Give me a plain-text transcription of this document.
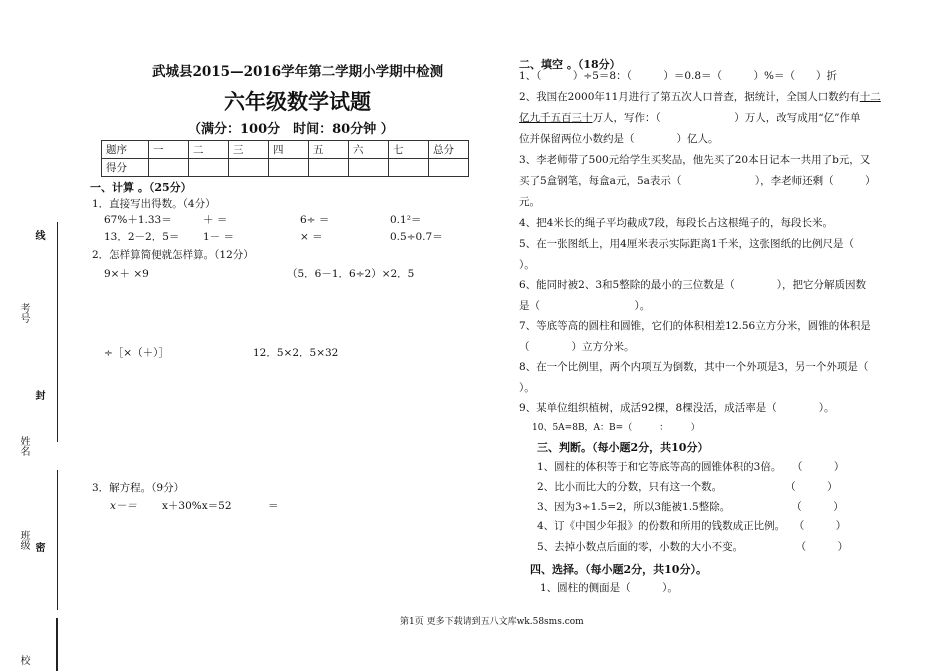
线
考号
封
姓名
班级 密
校
武城县2015—2016学年第二学期小学期中检测
六年级数学试题
（满分：100分　时间：80分钟 ）
题序	一	二	三	四	五	六	七	总分
得分								
一、计算 。（25分）
1．直接写出得数。（4分）
67%＋1.33＝	＋ ＝	6÷ ＝	0.1²＝
13．2－2．5＝ 1－ ＝	× ＝	0.5÷0.7＝
2．怎样算简便就怎样算。（12分）
9×＋ ×9	（5．6－1．6÷2）×2．5
÷［×（＋）］	12．5×2．5×32
3．解方程。（9分）
x－＝ x＋30%x＝52	＝
二、填空 。（18分）
1、（　　　）÷5＝8：（　　　）＝0.8＝（　　　）%＝（　　）折
2、我国在2000年11月进行了第五次人口普查，据统计，全国人口数约有十二
亿九千五百三十万人，写作：（　　　　　　　）万人，改写成用“亿”作单
位并保留两位小数约是（　　　　）亿人。
3、李老师带了500元给学生买奖品，他先买了20本日记本一共用了b元，又
买了5盒钢笔，每盒a元，5a表示（　　　　　　　），李老师还剩（　　　）
元。
4、把4米长的绳子平均截成7段，每段长占这根绳子的，每段长米。
5、在一张图纸上，用4厘米表示实际距离1千米，这张图纸的比例尺是（
）。
6、能同时被2、3和5整除的最小的三位数是（　　　　），把它分解质因数
是（　　　　　　　　　）。
7、等底等高的圆柱和圆锥，它们的体积相差12.56立方分米，圆锥的体积是
（　　　　）立方分米。
8、在一个比例里，两个内项互为倒数，其中一个外项是3，另一个外项是（
）。
9、某单位组织植树，成活92棵，8棵没活，成活率是（　　　　）。
10、5A=8B，A：B=（　　　：　　　）
三、判断。（每小题2分，共10分）
1、圆柱的体积等于和它等底等高的圆锥体积的3倍。　　（　　　）
2、比小而比大的分数，只有这一个数。　　　　　　　（　　　）
3、因为3÷1.5=2，所以3能被1.5整除。　　　　　　 （　　　）
4、订《中国少年报》的份数和所用的钱数成正比例。　 （　　　）
5、去掉小数点后面的零，小数的大小不变。　　　　　　（　　　）
四、选择。（每小题2分，共10分）。
1、圆柱的侧面是（　　　）。
第1页 更多下载请到五八文库wk.58sms.com
